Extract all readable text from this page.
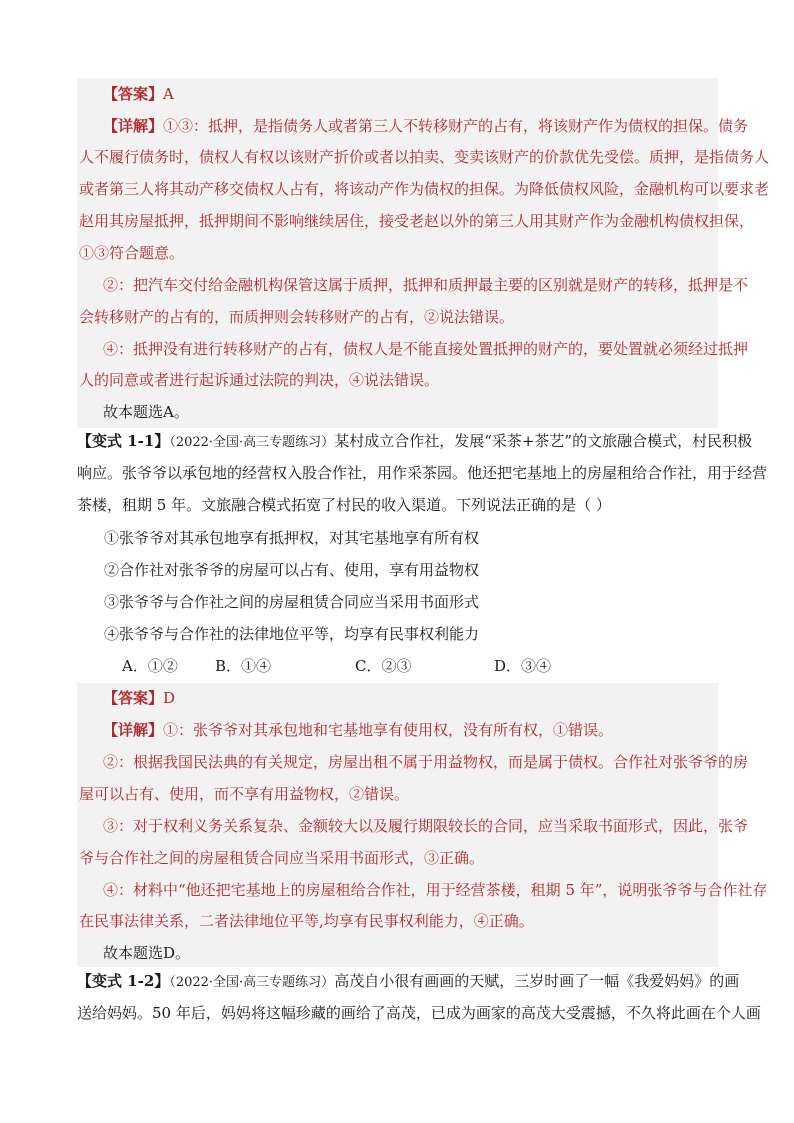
【答案】A
【详解】①③：抵押，是指债务人或者第三人不转移财产的占有，将该财产作为债权的担保。债务
人不履行债务时，债权人有权以该财产折价或者以拍卖、变卖该财产的价款优先受偿。质押，是指债务人
或者第三人将其动产移交债权人占有，将该动产作为债权的担保。为降低债权风险，金融机构可以要求老
赵用其房屋抵押，抵押期间不影响继续居住，接受老赵以外的第三人用其财产作为金融机构债权担保，
①③符合题意。
②：把汽车交付给金融机构保管这属于质押，抵押和质押最主要的区别就是财产的转移，抵押是不
会转移财产的占有的，而质押则会转移财产的占有，②说法错误。
④：抵押没有进行转移财产的占有，债权人是不能直接处置抵押的财产的，要处置就必须经过抵押
人的同意或者进行起诉通过法院的判决，④说法错误。
故本题选A。
【变式 1-1】（2022·全国·高三专题练习）某村成立合作社，发展“采茶+茶艺”的文旅融合模式，村民积极
响应。张爷爷以承包地的经营权入股合作社，用作采茶园。他还把宅基地上的房屋租给合作社，用于经营
茶楼，租期 5 年。文旅融合模式拓宽了村民的收入渠道。下列说法正确的是（ ）
①张爷爷对其承包地享有抵押权，对其宅基地享有所有权
②合作社对张爷爷的房屋可以占有、使用，享有用益物权
③张爷爷与合作社之间的房屋租赁合同应当采用书面形式
④张爷爷与合作社的法律地位平等，均享有民事权利能力
A．①② B．①④	C．②③	D．③④
【答案】D
【详解】①：张爷爷对其承包地和宅基地享有使用权，没有所有权，①错误。
②：根据我国民法典的有关规定，房屋出租不属于用益物权，而是属于债权。合作社对张爷爷的房
屋可以占有、使用，而不享有用益物权，②错误。
③：对于权利义务关系复杂、金额较大以及履行期限较长的合同，应当采取书面形式，因此，张爷
爷与合作社之间的房屋租赁合同应当采用书面形式，③正确。
④：材料中“他还把宅基地上的房屋租给合作社，用于经营茶楼，租期 5 年”，说明张爷爷与合作社存
在民事法律关系，二者法律地位平等,均享有民事权利能力，④正确。
故本题选D。
【变式 1-2】（2022·全国·高三专题练习）高茂自小很有画画的天赋，三岁时画了一幅《我爱妈妈》的画
送给妈妈。50 年后，妈妈将这幅珍藏的画给了高茂，已成为画家的高茂大受震撼，不久将此画在个人画
